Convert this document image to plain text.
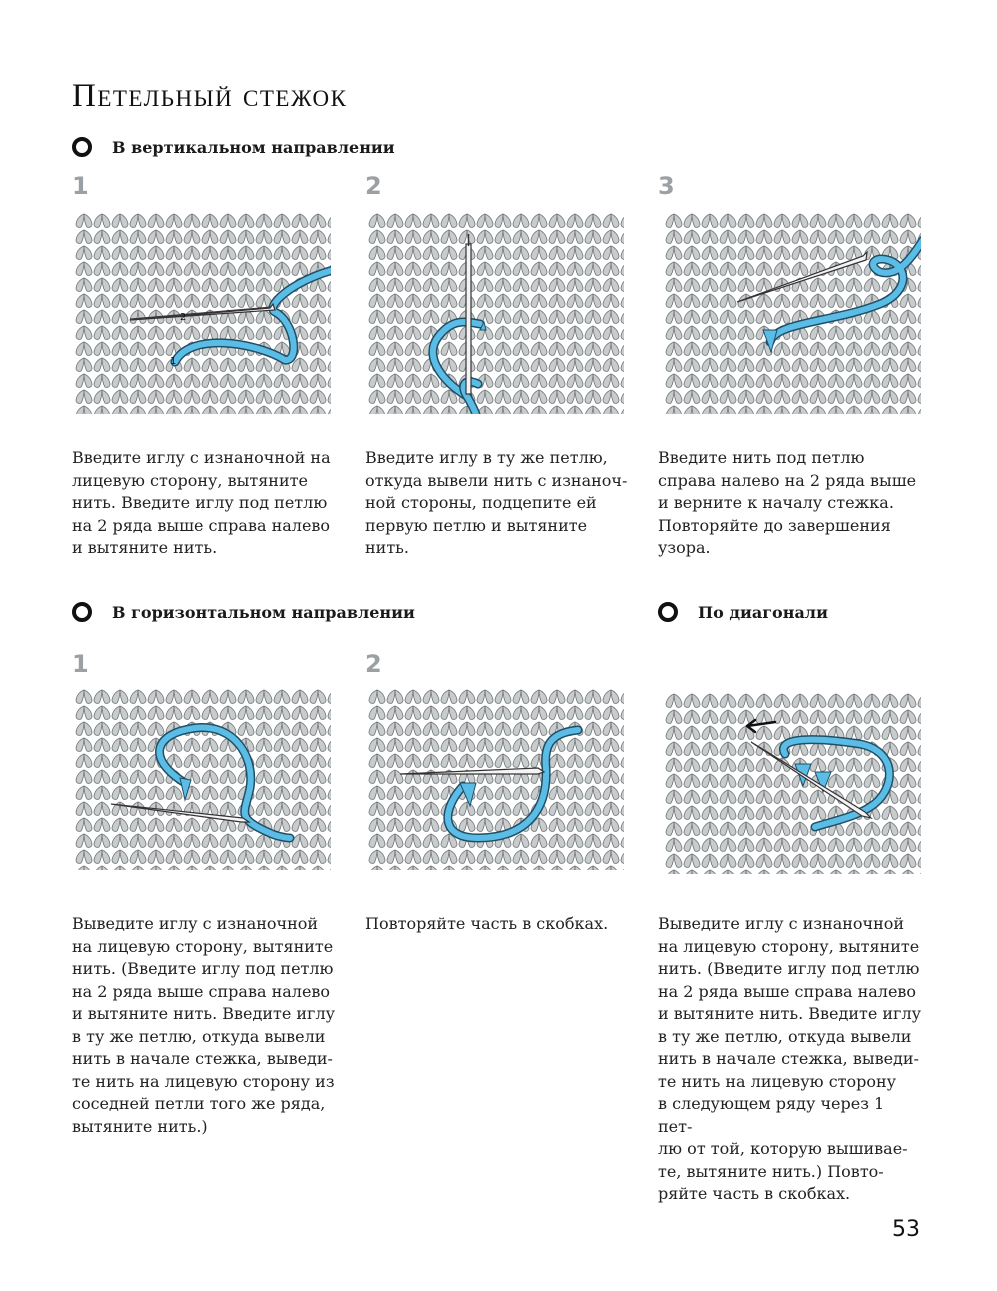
Петельный стежок
В вертикальном направлении
1	2	3
2
1
Введите иглу с изнаночной на
лицевую сторону, вытяните
нить. Введите иглу под петлю
на 2 ряда выше справа налево
и вытяните нить.
Введите иглу в ту же петлю,
откуда вывели нить с изнаноч-
ной стороны, подцепите ей
первую петлю и вытяните
нить.
Введите нить под петлю
справа налево на 2 ряда выше
и верните к началу стежка.
Повторяйте до завершения
узора.
В горизонтальном направлении	По диагонали
1	2
Выведите иглу с изнаночной
на лицевую сторону, вытяните
нить. (Введите иглу под петлю
на 2 ряда выше справа налево
и вытяните нить. Введите иглу
в ту же петлю, откуда вывели
нить в начале стежка, выведи-
те нить на лицевую сторону из
соседней петли того же ряда,
вытяните нить.)
Повторяйте часть в скобках.	Выведите иглу с изнаночной
на лицевую сторону, вытяните
нить. (Введите иглу под петлю
на 2 ряда выше справа налево
и вытяните нить. Введите иглу
в ту же петлю, откуда вывели
нить в начале стежка, выведи-
те нить на лицевую сторону
в следующем ряду через 1 пет-
лю от той, которую вышивае-
те, вытяните нить.) Повто-
ряйте часть в скобках.
53
